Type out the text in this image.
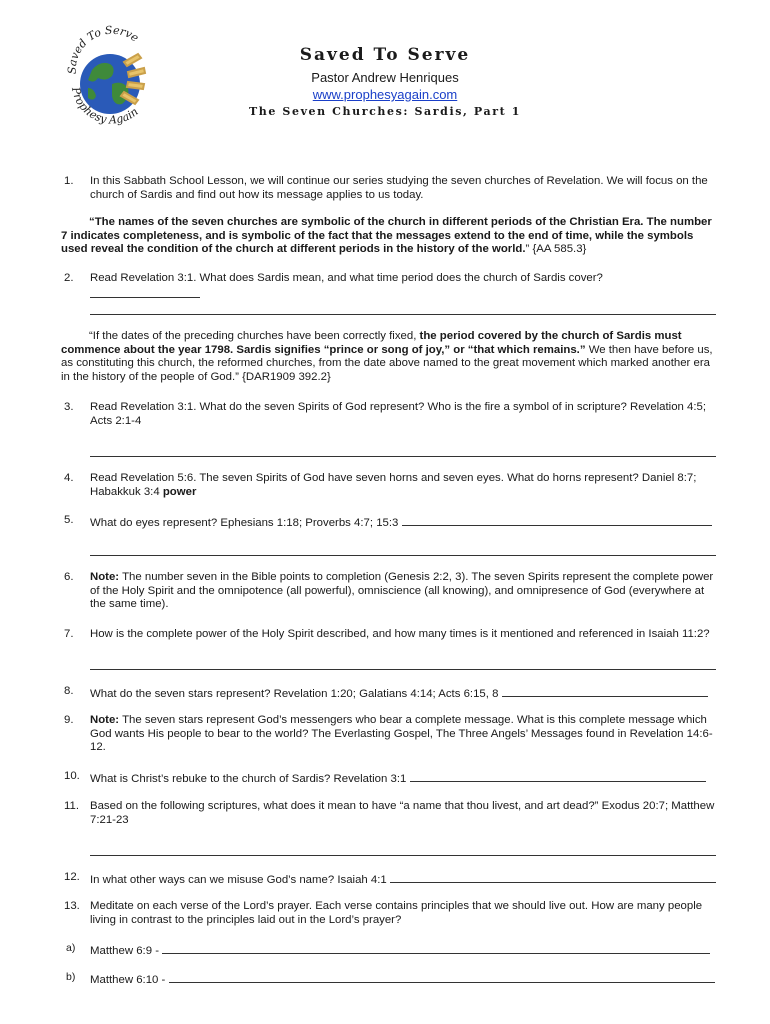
Saved To Serve
Prophesy Again
Saved To Serve
Pastor Andrew Henriques
www.prophesyagain.com
The Seven Churches: Sardis, Part 1
1.	In this Sabbath School Lesson, we will continue our series studying the seven churches of Revelation. We will focus on the church of Sardis and find out how its message applies to us today.
“The names of the seven churches are symbolic of the church in different periods of the Christian Era. The number 7 indicates completeness, and is symbolic of the fact that the messages extend to the end of time, while the symbols used reveal the condition of the church at different periods in the history of the world.” {AA 585.3}
2.	Read Revelation 3:1. What does Sardis mean, and what time period does the church of Sardis cover?
“If the dates of the preceding churches have been correctly fixed, the period covered by the church of Sardis must commence about the year 1798. Sardis signifies “prince or song of joy,” or “that which remains.” We then have before us, as constituting this church, the reformed churches, from the date above named to the great movement which marked another era in the history of the people of God.” {DAR1909 392.2}
3.	Read Revelation 3:1. What do the seven Spirits of God represent? Who is the fire a symbol of in scripture? Revelation 4:5; Acts 2:1-4
4.	Read Revelation 5:6. The seven Spirits of God have seven horns and seven eyes. What do horns represent? Daniel 8:7; Habakkuk 3:4 power
5.	What do eyes represent? Ephesians 1:18; Proverbs 4:7; 15:3
6.	Note: The number seven in the Bible points to completion (Genesis 2:2, 3). The seven Spirits represent the complete power of the Holy Spirit and the omnipotence (all powerful), omniscience (all knowing), and omnipresence of God (everywhere at the same time).
7.	How is the complete power of the Holy Spirit described, and how many times is it mentioned and referenced in Isaiah 11:2?
8.	What do the seven stars represent? Revelation 1:20; Galatians 4:14; Acts 6:15, 8
9.	Note: The seven stars represent God’s messengers who bear a complete message. What is this complete message which God wants His people to bear to the world? The Everlasting Gospel, The Three Angels’ Messages found in Revelation 14:6-12.
10. What is Christ’s rebuke to the church of Sardis? Revelation 3:1
11. Based on the following scriptures, what does it mean to have “a name that thou livest, and art dead?” Exodus 20:7; Matthew 7:21-23
12. In what other ways can we misuse God’s name? Isaiah 4:1
13. Meditate on each verse of the Lord’s prayer. Each verse contains principles that we should live out. How are many people living in contrast to the principles laid out in the Lord’s prayer?
a)	Matthew 6:9 -
b)	Matthew 6:10 -
